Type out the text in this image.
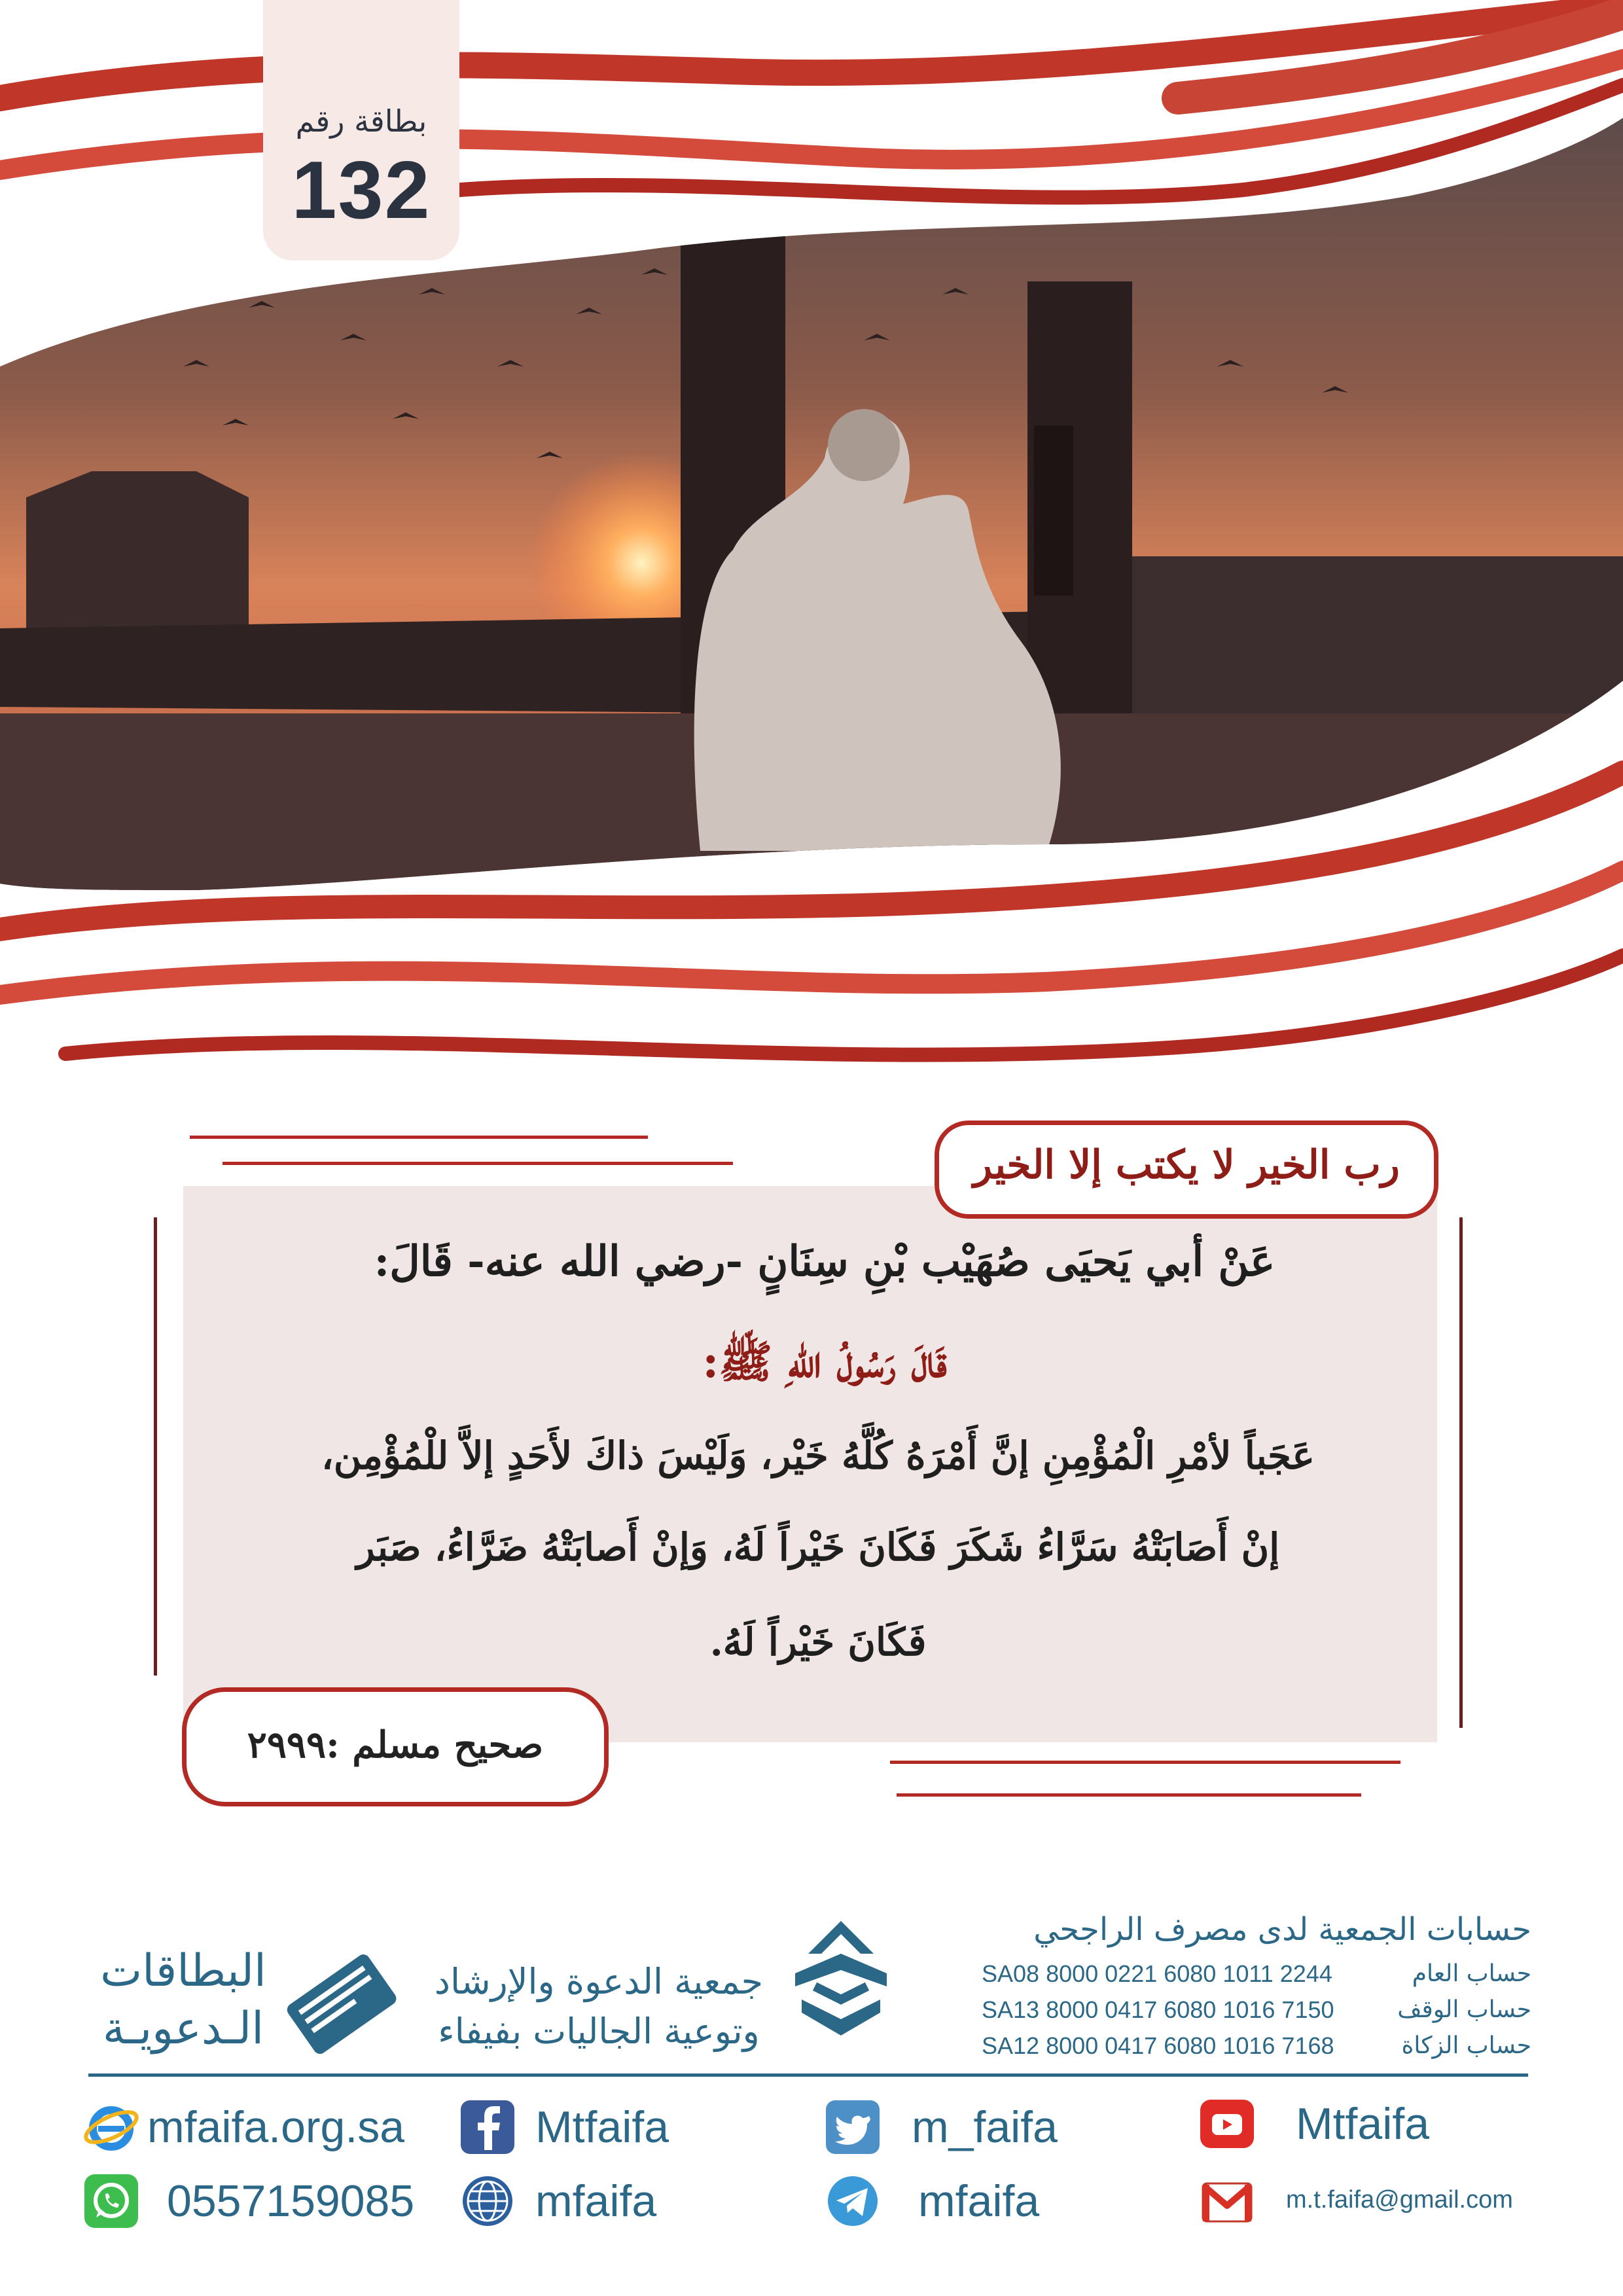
بطاقة رقم
132
رب الخير لا يكتب إلا الخير
عَنْ أبي يَحيَى صُهَيْب بْنِ سِنَانٍ -رضي الله عنه- قَالَ:
قَالَ رَسُولُ اللهِ ﷺ:
عَجَباً لأمْرِ الْمُؤْمِنِ إنَّ أَمْرَهُ كُلَّهُ خَيْر، وَلَيْسَ ذاكَ لأَحَدٍ إلاَّ للْمُؤْمِن،
إنْ أَصَابَتْهُ سَرَّاءُ شَكَرَ فَكَانَ خَيْراً لَهُ، وَإنْ أَصابَتْهُ ضَرَّاءُ، صَبَر
فَكَانَ خَيْراً لَهُ.
صحيح مسلم :٢٩٩٩
البطاقات
الـدعويـة
جمعية الدعوة والإرشاد
وتوعية الجاليات بفيفاء
حسابات الجمعية لدى مصرف الراجحي
SA08 8000 0221 6080 1011 2244	حساب العام
SA13 8000 0417 6080 1016 7150	حساب الوقف
SA12 8000 0417 6080 1016 7168	حساب الزكاة
mfaifa.org.sa	Mtfaifa	m_faifa	Mtfaifa
0557159085	mfaifa	mfaifa	m.t.faifa@gmail.com
